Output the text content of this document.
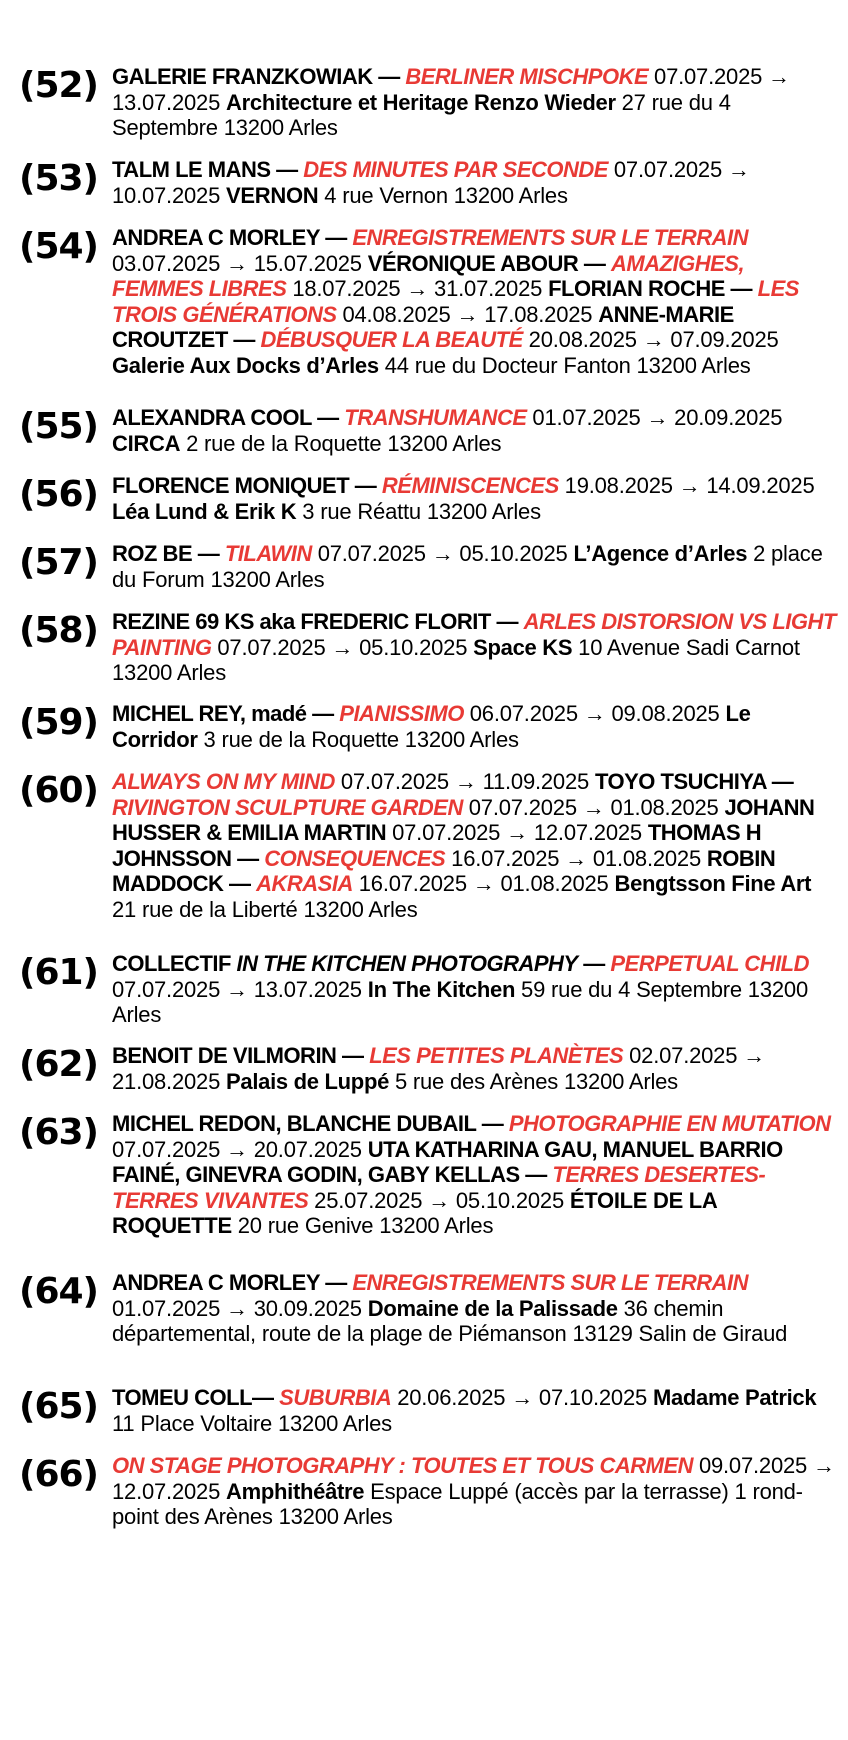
(52) GALERIE FRANZKOWIAK — BERLINER MISCHPOKE 07.07.2025 → 13.07.2025 Architecture et Heritage Renzo Wieder 27 rue du 4 Septembre 13200 Arles
(53) TALM LE MANS — DES MINUTES PAR SECONDE 07.07.2025 → 10.07.2025 VERNON 4 rue Vernon 13200 Arles
(54) ANDREA C MORLEY — ENREGISTREMENTS SUR LE TERRAIN 03.07.2025 → 15.07.2025 VÉRONIQUE ABOUR — AMAZIGHES, FEMMES LIBRES 18.07.2025 → 31.07.2025 FLORIAN ROCHE — LES TROIS GÉNÉRATIONS 04.08.2025 → 17.08.2025 ANNE-MARIE CROUTZET — DÉBUSQUER LA BEAUTÉ 20.08.2025 → 07.09.2025 Galerie Aux Docks d’Arles 44 rue du Docteur Fanton 13200 Arles
(55) ALEXANDRA COOL — TRANSHUMANCE 01.07.2025 → 20.09.2025 CIRCA 2 rue de la Roquette 13200 Arles
(56) FLORENCE MONIQUET — RÉMINISCENCES 19.08.2025 → 14.09.2025 Léa Lund & Erik K 3 rue Réattu 13200 Arles
(57) ROZ BE — TILAWIN 07.07.2025 → 05.10.2025 L’Agence d’Arles 2 place du Forum 13200 Arles
(58) REZINE 69 KS aka FREDERIC FLORIT — ARLES DISTORSION VS LIGHT PAINTING 07.07.2025 → 05.10.2025 Space KS 10 Avenue Sadi Carnot 13200 Arles
(59) MICHEL REY, madé — PIANISSIMO 06.07.2025 → 09.08.2025 Le Corridor 3 rue de la Roquette 13200 Arles
(60) ALWAYS ON MY MIND 07.07.2025 → 11.09.2025 TOYO TSUCHIYA — RIVINGTON SCULPTURE GARDEN 07.07.2025 → 01.08.2025 JOHANN HUSSER & EMILIA MARTIN 07.07.2025 → 12.07.2025 THOMAS H JOHNSSON — CONSEQUENCES 16.07.2025 → 01.08.2025 ROBIN MADDOCK — AKRASIA 16.07.2025 → 01.08.2025 Bengtsson Fine Art 21 rue de la Liberté 13200 Arles
(61) COLLECTIF IN THE KITCHEN PHOTOGRAPHY — PERPETUAL CHILD 07.07.2025 → 13.07.2025 In The Kitchen 59 rue du 4 Septembre 13200 Arles
(62) BENOIT DE VILMORIN — LES PETITES PLANÈTES 02.07.2025 → 21.08.2025 Palais de Luppé 5 rue des Arènes 13200 Arles
(63) MICHEL REDON, BLANCHE DUBAIL — PHOTOGRAPHIE EN MUTATION 07.07.2025 → 20.07.2025 UTA KATHARINA GAU, MANUEL BARRIO FAINÉ, GINEVRA GODIN, GABY KELLAS — TERRES DESERTES-TERRES VIVANTES 25.07.2025 → 05.10.2025 ÉTOILE DE LA ROQUETTE 20 rue Genive 13200 Arles
(64) ANDREA C MORLEY — ENREGISTREMENTS SUR LE TERRAIN 01.07.2025 → 30.09.2025 Domaine de la Palissade 36 chemin départemental, route de la plage de Piémanson 13129 Salin de Giraud
(65) TOMEU COLL— SUBURBIA 20.06.2025 → 07.10.2025 Madame Patrick 11 Place Voltaire 13200 Arles
(66) ON STAGE PHOTOGRAPHY : TOUTES ET TOUS CARMEN 09.07.2025 → 12.07.2025 Amphithéâtre Espace Luppé (accès par la terrasse) 1 rond-point des Arènes 13200 Arles
